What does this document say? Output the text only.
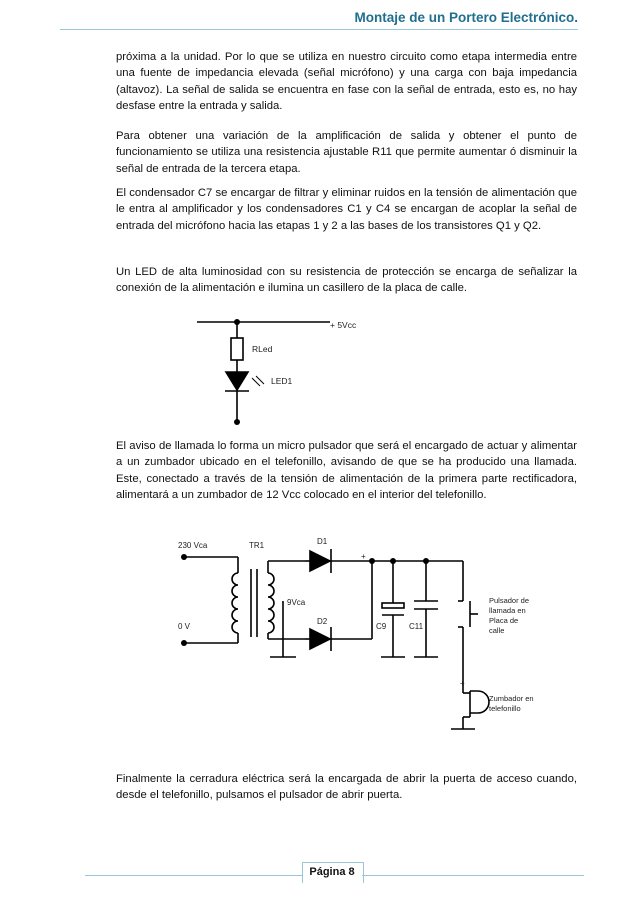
Montaje de un Portero Electrónico.

próxima a la unidad. Por lo que se utiliza en nuestro circuito como etapa intermedia entre una fuente de impedancia elevada (señal micrófono) y una carga con baja impedancia (altavoz). La señal de salida se encuentra en fase con la señal de entrada, esto es, no hay desfase entre la entrada y salida.

Para obtener una variación de la amplificación de salida y obtener el punto de funcionamiento se utiliza una resistencia ajustable R11 que permite aumentar ó disminuir la señal de entrada de la tercera etapa.

El condensador C7 se encargar de filtrar y eliminar ruidos en la tensión de alimentación que le entra al amplificador y los condensadores C1 y C4 se encargan de acoplar la señal de entrada del micrófono hacia las etapas 1 y 2 a las bases de los transistores Q1 y Q2.

Un LED de alta luminosidad con su resistencia de protección se encarga de señalizar la conexión de la alimentación e ilumina un casillero de la placa de calle.

+ 5Vcc
RLed
LED1

El aviso de llamada lo forma un micro pulsador que será el encargado de actuar y alimentar a un zumbador ubicado en el telefonillo, avisando de que se ha producido una llamada. Este, conectado a través de la tensión de alimentación de la primera parte rectificadora, alimentará a un zumbador de 12 Vcc colocado en el interior del telefonillo.

230 Vca
0 V
TR1
9Vca
D1
D2
+
C9	C11
Pulsador de llamada en Placa de calle
+
Zumbador en telefonillo

Finalmente la cerradura eléctrica será la encargada de abrir la puerta de acceso cuando, desde el telefonillo, pulsamos el pulsador de abrir puerta.

Página 8
